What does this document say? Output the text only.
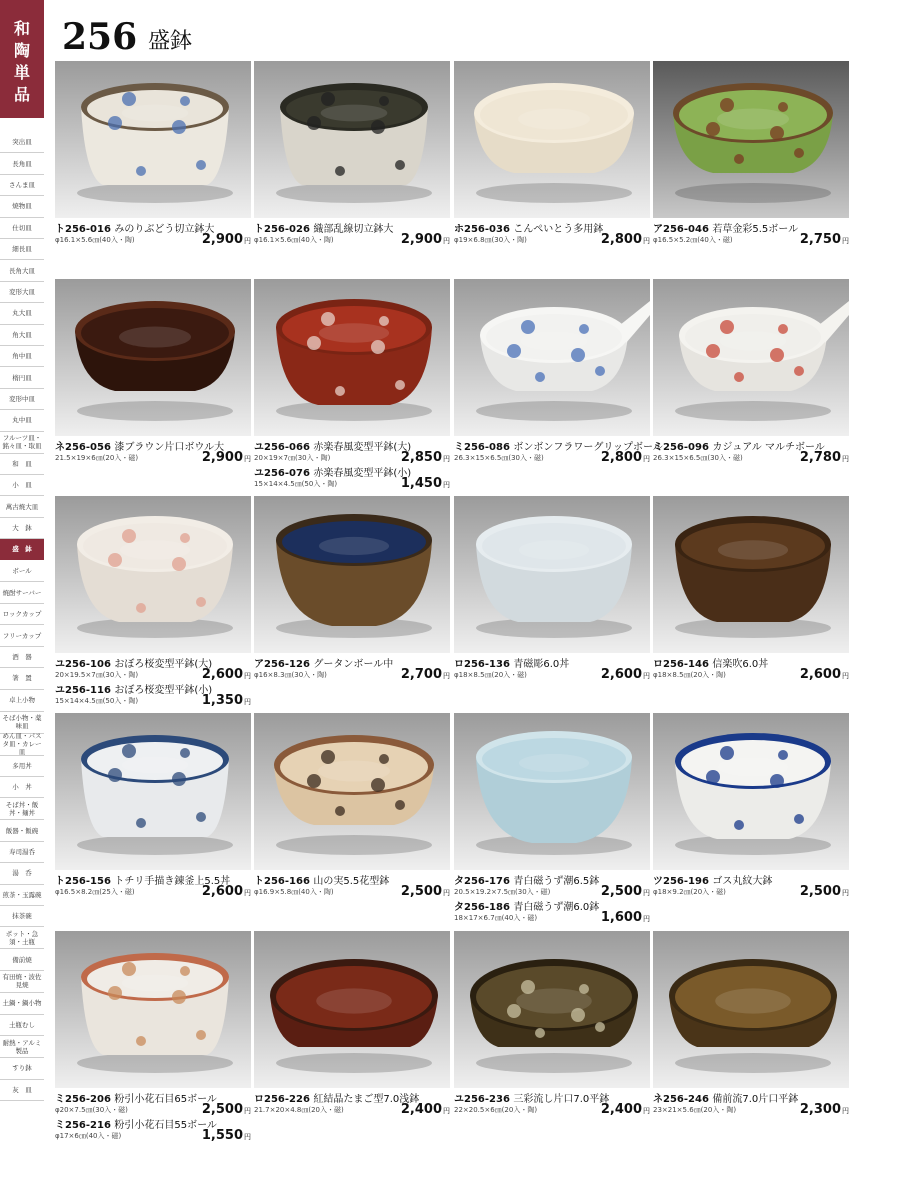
和陶単品
突出皿
長角皿
さんま皿
焼物皿
仕切皿
細長皿
長角大皿
変形大皿
丸大皿
角大皿
角中皿
楕円皿
変形中皿
丸中皿
フルーツ皿・銘々皿・取皿
和　皿
小　皿
萬古焼大皿
大　鉢
盛　鉢
ボール
焼酎サーバー
ロックカップ
フリーカップ
酒　器
箸　置
卓上小物
そば小物・薬味皿
めん皿・パスタ皿・カレー皿
多用丼
小　丼
そば丼・飯丼・麺丼
飯器・飯碗
寿司湯呑
湯　呑
煎茶・玉露碗
抹茶碗
ポット・急須・土瓶
備前焼
有田焼・波佐見焼
土鍋・鍋小物
土瓶むし
耐熱・アルミ製品
すり鉢
灰　皿
256 盛鉢
ト256-016 みのりぶどう切立鉢大
φ16.1×5.6㎝(40入・陶)	2,900円
ト256-026 織部乱線切立鉢大
φ16.1×5.6㎝(40入・陶)	2,900円
ホ256-036 こんぺいとう多用鉢
φ19×6.8㎝(30入・陶)	2,800円
ア256-046 若草金彩5.5ボール
φ16.5×5.2㎝(40入・磁)	2,750円
ネ256-056 漆ブラウン片口ボウル大
21.5×19×6㎝(20入・磁)	2,900円
ユ256-066 赤楽春風変型平鉢(大)
20×19×7㎝(30入・陶)	2,850円
ユ256-076 赤楽春風変型平鉢(小)
15×14×4.5㎝(50入・陶)	1,450円
ミ256-086 ボンボンフラワーグリップボール
26.3×15×6.5㎝(30入・磁)	2,800円
ミ256-096 カジュアル マルチボール
26.3×15×6.5㎝(30入・磁)	2,780円
ユ256-106 おぼろ桜変型平鉢(大)
20×19.5×7㎝(30入・陶)	2,600円
ユ256-116 おぼろ桜変型平鉢(小)
15×14×4.5㎝(50入・陶)	1,350円
ア256-126 グータンボール中
φ16×8.3㎝(30入・陶)	2,700円
ロ256-136 青磁彫6.0丼
φ18×8.5㎝(20入・磁)	2,600円
ロ256-146 信楽吹6.0丼
φ18×8.5㎝(20入・陶)	2,600円
ト256-156 トチリ手描き錬釜上5.5丼
φ16.5×8.2㎝(25入・磁)	2,600円
ト256-166 山の実5.5花型鉢
φ16.9×5.8㎝(40入・陶)	2,500円
タ256-176 青白磁うず潮6.5鉢
20.5×19.2×7.5㎝(30入・磁)	2,500円
タ256-186 青白磁うず潮6.0鉢
18×17×6.7㎝(40入・磁)	1,600円
ツ256-196 ゴス丸紋大鉢
φ18×9.2㎝(20入・磁)	2,500円
ミ256-206 粉引小花石目65ボール
φ20×7.5㎝(30入・磁)	2,500円
ミ256-216 粉引小花石目55ボール
φ17×6㎝(40入・磁)	1,550円
ロ256-226 紅結晶たまご型7.0浅鉢
21.7×20×4.8㎝(20入・磁)	2,400円
ユ256-236 三彩流し片口7.0平鉢
22×20.5×6㎝(20入・陶)	2,400円
ネ256-246 備前流7.0片口平鉢
23×21×5.6㎝(20入・陶)	2,300円
